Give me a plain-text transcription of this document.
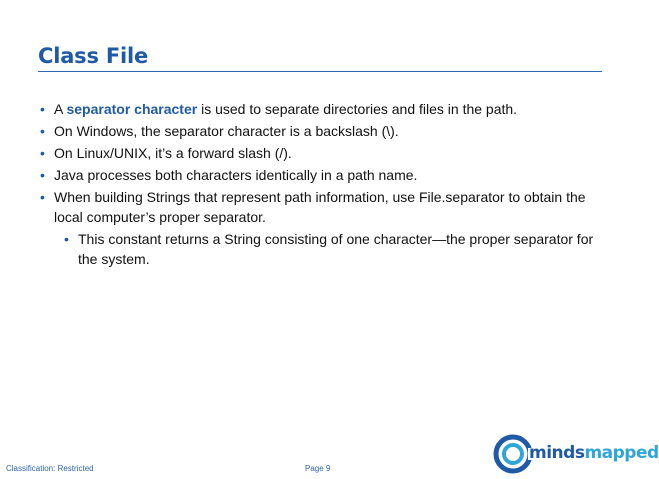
Class File
• A separator character is used to separate directories and files in the path.
• On Windows, the separator character is a backslash (\).
• On Linux/UNIX, it’s a forward slash (/).
• Java processes both characters identically in a path name.
• When building Strings that represent path information, use File.separator to obtain the local computer’s proper separator.
• This constant returns a String consisting of one character—the proper separator for the system.
Classification: Restricted	Page 9
mindsmapped
